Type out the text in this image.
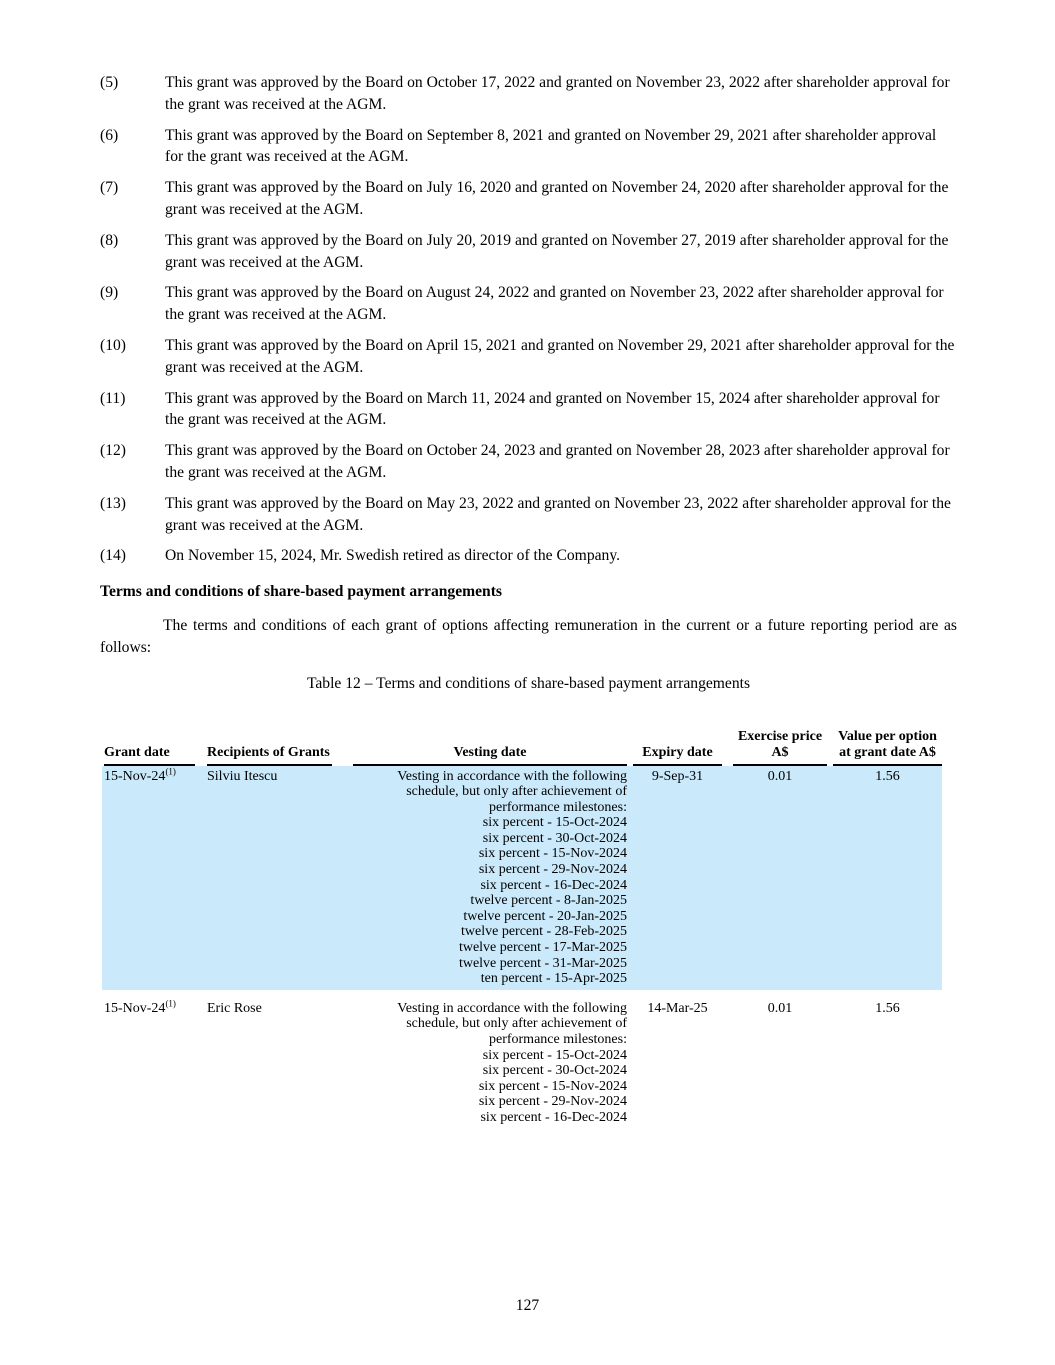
(5)	This grant was approved by the Board on October 17, 2022 and granted on November 23, 2022 after shareholder approval for the grant was received at the AGM.
(6)	This grant was approved by the Board on September 8, 2021 and granted on November 29, 2021 after shareholder approval for the grant was received at the AGM.
(7)	This grant was approved by the Board on July 16, 2020 and granted on November 24, 2020 after shareholder approval for the grant was received at the AGM.
(8)	This grant was approved by the Board on July 20, 2019 and granted on November 27, 2019 after shareholder approval for the grant was received at the AGM.
(9)	This grant was approved by the Board on August 24, 2022 and granted on November 23, 2022 after shareholder approval for the grant was received at the AGM.
(10)	This grant was approved by the Board on April 15, 2021 and granted on November 29, 2021 after shareholder approval for the grant was received at the AGM.
(11)	This grant was approved by the Board on March 11, 2024 and granted on November 15, 2024 after shareholder approval for the grant was received at the AGM.
(12)	This grant was approved by the Board on October 24, 2023 and granted on November 28, 2023 after shareholder approval for the grant was received at the AGM.
(13)	This grant was approved by the Board on May 23, 2022 and granted on November 23, 2022 after shareholder approval for the grant was received at the AGM.
(14)	On November 15, 2024, Mr. Swedish retired as director of the Company.
Terms and conditions of share-based payment arrangements
The terms and conditions of each grant of options affecting remuneration in the current or a future reporting period are as follows:
Table 12 – Terms and conditions of share-based payment arrangements
Grant date	Recipients of Grants	Vesting date	Expiry date	Exercise price A$	Value per option at grant date A$

15-Nov-24$^{(1)}$	Silviu Itescu	Vesting in accordance with the following schedule, but only after achievement of performance milestones:
six percent - 15-Oct-2024
six percent - 30-Oct-2024
six percent - 15-Nov-2024
six percent - 29-Nov-2024
six percent - 16-Dec-2024
twelve percent - 8-Jan-2025
twelve percent - 20-Jan-2025
twelve percent - 28-Feb-2025
twelve percent - 17-Mar-2025
twelve percent - 31-Mar-2025
ten percent - 15-Apr-2025
	9-Sep-31	0.01	1.56
15-Nov-24$^{(1)}$	Eric Rose	Vesting in accordance with the following schedule, but only after achievement of performance milestones:
six percent - 15-Oct-2024
six percent - 30-Oct-2024
six percent - 15-Nov-2024
six percent - 29-Nov-2024
six percent - 16-Dec-2024
	14-Mar-25	0.01	1.56
127
